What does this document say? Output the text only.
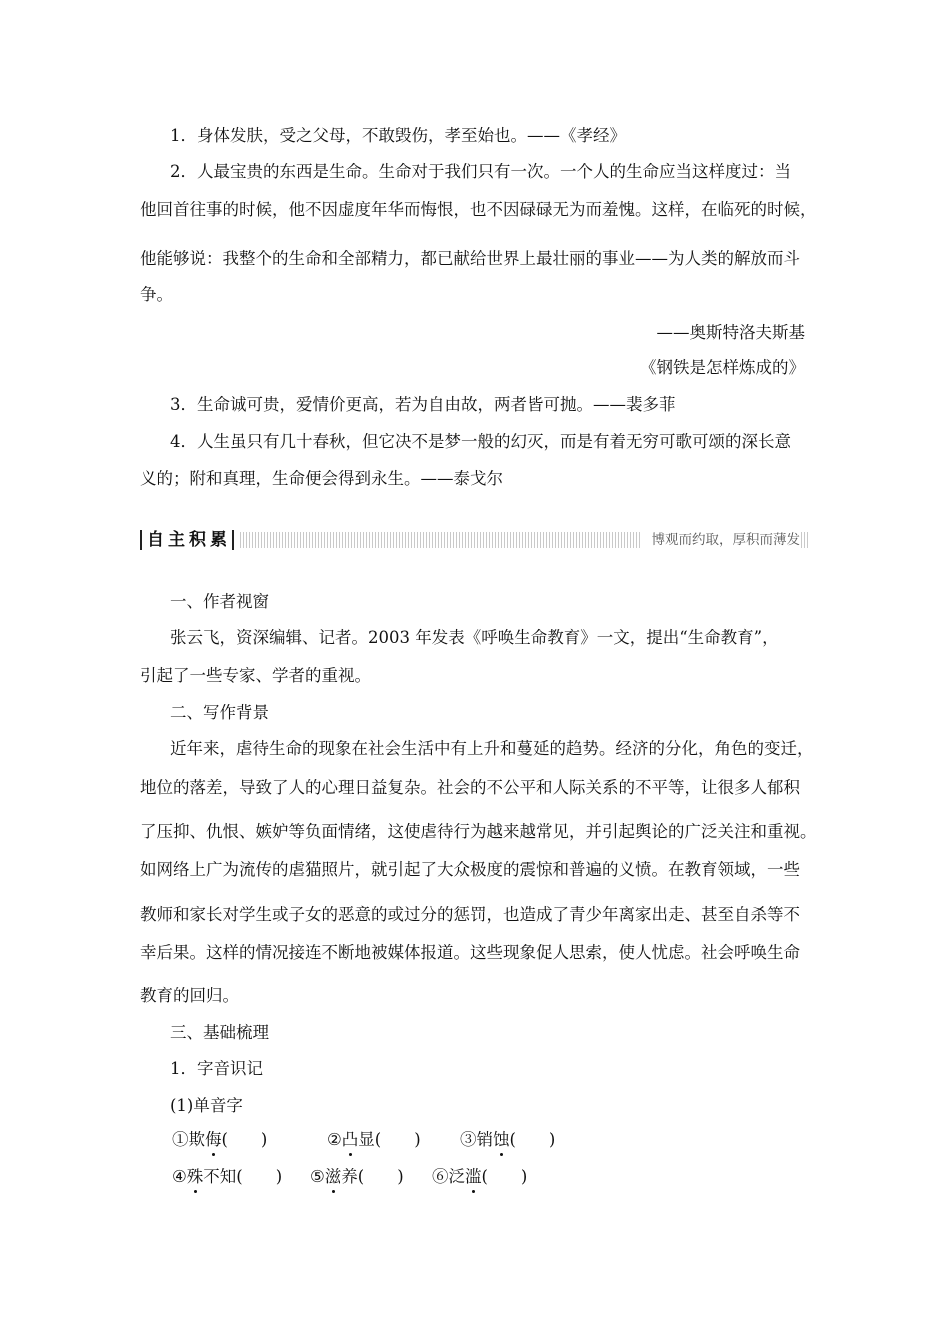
1．身体发肤，受之父母，不敢毁伤，孝至始也。——《孝经》
2．人最宝贵的东西是生命。生命对于我们只有一次。一个人的生命应当这样度过：当
他回首往事的时候，他不因虚度年华而悔恨，也不因碌碌无为而羞愧。这样，在临死的时候，
他能够说：我整个的生命和全部精力，都已献给世界上最壮丽的事业——为人类的解放而斗
争。
——奥斯特洛夫斯基
《钢铁是怎样炼成的》
3．生命诚可贵，爱情价更高，若为自由故，两者皆可抛。——裴多菲
4．人生虽只有几十春秋，但它决不是梦一般的幻灭，而是有着无穷可歌可颂的深长意
义的；附和真理，生命便会得到永生。——泰戈尔
自主积累	博观而约取，厚积而薄发
一、作者视窗
张云飞，资深编辑、记者。2003 年发表《呼唤生命教育》一文，提出“生命教育”，
引起了一些专家、学者的重视。
二、写作背景
近年来，虐待生命的现象在社会生活中有上升和蔓延的趋势。经济的分化，角色的变迁，
地位的落差，导致了人的心理日益复杂。社会的不公平和人际关系的不平等，让很多人郁积
了压抑、仇恨、嫉妒等负面情绪，这使虐待行为越来越常见，并引起舆论的广泛关注和重视。
如网络上广为流传的虐猫照片，就引起了大众极度的震惊和普遍的义愤。在教育领域，一些
教师和家长对学生或子女的恶意的或过分的惩罚，也造成了青少年离家出走、甚至自杀等不
幸后果。这样的情况接连不断地被媒体报道。这些现象促人思索，使人忧虑。社会呼唤生命
教育的回归。
三、基础梳理
1．字音识记
(1)单音字
①欺侮(　　)	②凸显(　　) ③销蚀(　　)
④殊不知(　　) ⑤滋养(　　) ⑥泛滥(　　)
